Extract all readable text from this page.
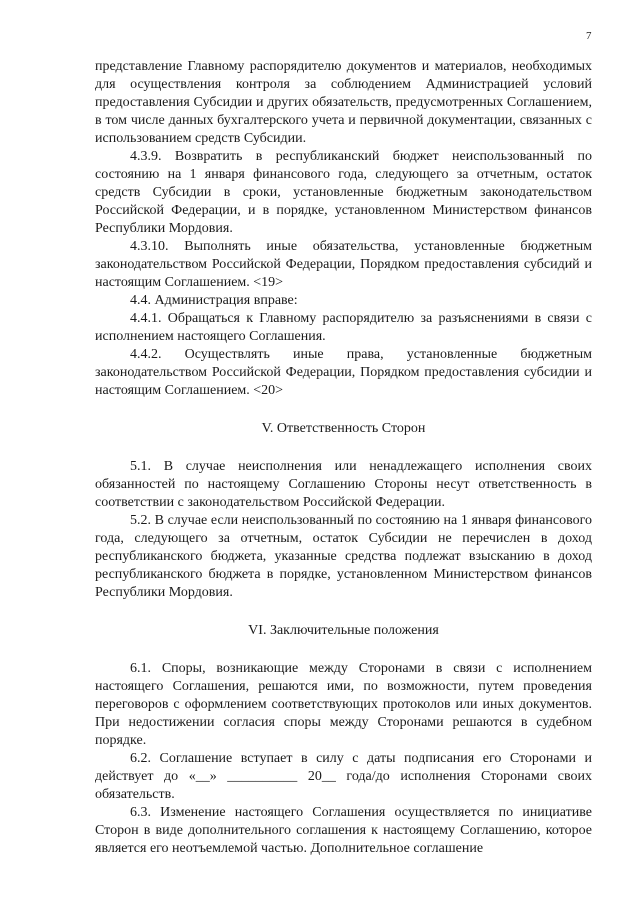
7

представление Главному распорядителю документов и материалов, необходимых для осуществления контроля за соблюдением Администрацией условий предоставления Субсидии и других обязательств, предусмотренных Соглашением, в том числе данных бухгалтерского учета и первичной документации, связанных с использованием средств Субсидии.

4.3.9. Возвратить в республиканский бюджет неиспользованный по состоянию на 1 января финансового года, следующего за отчетным, остаток средств Субсидии в сроки, установленные бюджетным законодательством Российской Федерации, и в порядке, установленном Министерством финансов Республики Мордовия.

4.3.10. Выполнять иные обязательства, установленные бюджетным законодательством Российской Федерации, Порядком предоставления субсидий и настоящим Соглашением. <19>

4.4. Администрация вправе:

4.4.1. Обращаться к Главному распорядителю за разъяснениями в связи с исполнением настоящего Соглашения.

4.4.2. Осуществлять иные права, установленные бюджетным законодательством Российской Федерации, Порядком предоставления субсидии и настоящим Соглашением. <20>

V. Ответственность Сторон

5.1. В случае неисполнения или ненадлежащего исполнения своих обязанностей по настоящему Соглашению Стороны несут ответственность в соответствии с законодательством Российской Федерации.

5.2. В случае если неиспользованный по состоянию на 1 января финансового года, следующего за отчетным, остаток Субсидии не перечислен в доход республиканского бюджета, указанные средства подлежат взысканию в доход республиканского бюджета в порядке, установленном Министерством финансов Республики Мордовия.

VI. Заключительные положения

6.1. Споры, возникающие между Сторонами в связи с исполнением настоящего Соглашения, решаются ими, по возможности, путем проведения переговоров с оформлением соответствующих протоколов или иных документов. При недостижении согласия споры между Сторонами решаются в судебном порядке.

6.2. Соглашение вступает в силу с даты подписания его Сторонами и действует до «__» __________ 20__ года/до исполнения Сторонами своих обязательств.

6.3. Изменение настоящего Соглашения осуществляется по инициативе Сторон в виде дополнительного соглашения к настоящему Соглашению, которое является его неотъемлемой частью. Дополнительное соглашение
